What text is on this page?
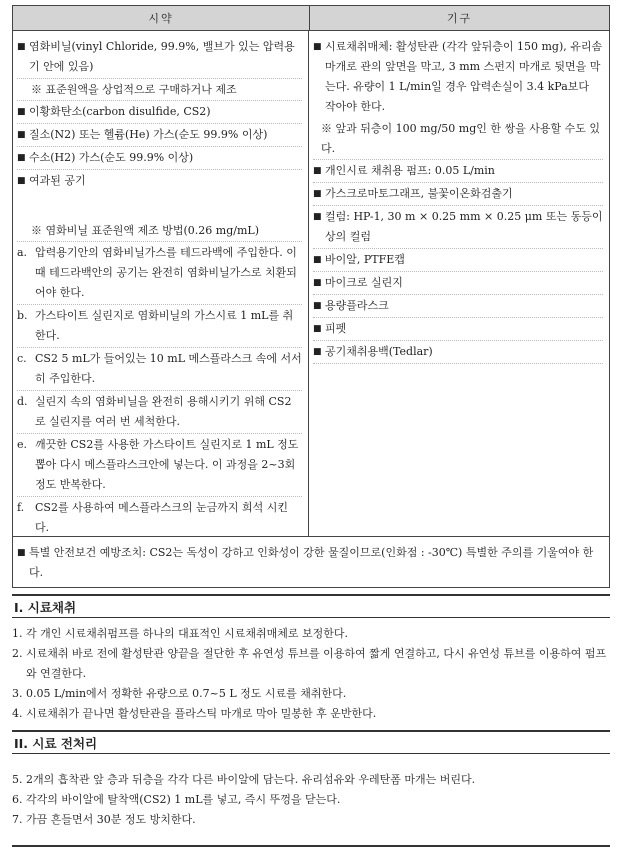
시약	기구
■ 염화비닐(vinyl Chloride, 99.9%, 밸브가 있는 압력용기 안에 있음)
※ 표준원액을 상업적으로 구매하거나 제조
■ 이황화탄소(carbon disulfide, CS2)
■ 질소(N2) 또는 헬륨(He) 가스(순도 99.9% 이상)
■ 수소(H2) 가스(순도 99.9% 이상)
■ 여과된 공기
※ 염화비닐 표준원액 제조 방법(0.26 mg/mL)
a. 압력용기안의 염화비닐가스를 테드라백에 주입한다. 이 때 테드라백안의 공기는 완전히 염화비닐가스로 치환되어야 한다.
b. 가스타이트 실린지로 염화비닐의 가스시료 1 mL를 취한다.
c. CS2 5 mL가 들어있는 10 mL 메스플라스크 속에 서서히 주입한다.
d. 실린지 속의 염화비닐을 완전히 용해시키기 위해 CS2로 실린지를 여러 번 세척한다.
e. 깨끗한 CS2를 사용한 가스타이트 실린지로 1 mL 정도 뽑아 다시 메스플라스크안에 넣는다. 이 과정을 2~3회 정도 반복한다.
f. CS2를 사용하여 메스플라스크의 눈금까지 희석 시킨다.
■ 시료채취매체: 활성탄관 (각각 앞뒤층이 150 mg), 유리솜 마개로 관의 앞면을 막고, 3 mm 스펀지 마개로 뒷면을 막는다. 유량이 1 L/min일 경우 압력손실이 3.4 kPa보다 작아야 한다.
※ 앞과 뒤층이 100 mg/50 mg인 한 쌍을 사용할 수도 있다.
■ 개인시료 채취용 펌프: 0.05 L/min
■ 가스크로마토그래프, 불꽃이온화검출기
■ 컬럼: HP-1, 30 m × 0.25 mm × 0.25 μm 또는 동등이상의 컬럼
■ 바이알, PTFE캡
■ 마이크로 실린지
■ 용량플라스크
■ 피펫
■ 공기채취용백(Tedlar)
■ 특별 안전보건 예방조치: CS2는 독성이 강하고 인화성이 강한 물질이므로(인화점 : -30℃) 특별한 주의를 기울여야 한다.
I. 시료채취
1. 각 개인 시료채취펌프를 하나의 대표적인 시료채취매체로 보정한다.
2. 시료채취 바로 전에 활성탄관 양끝을 절단한 후 유연성 튜브를 이용하여 짧게 연결하고, 다시 유연성 튜브를 이용하여 펌프와 연결한다.
3. 0.05 L/min에서 정확한 유량으로 0.7~5 L 정도 시료를 채취한다.
4. 시료채취가 끝나면 활성탄관을 플라스틱 마개로 막아 밀봉한 후 운반한다.
II. 시료 전처리
5. 2개의 흡착관 앞 층과 뒤층을 각각 다른 바이알에 담는다. 유리섬유와 우레탄폼 마개는 버린다.
6. 각각의 바이알에 탈착액(CS2) 1 mL를 넣고, 즉시 뚜껑을 닫는다.
7. 가끔 흔들면서 30분 정도 방치한다.
